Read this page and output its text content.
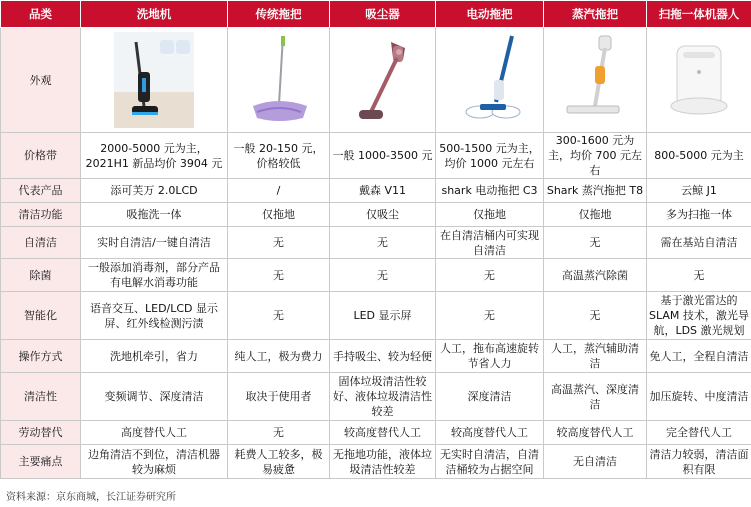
品类	洗地机	传统拖把	吸尘器	电动拖把	蒸汽拖把	扫拖一体机器人
外观	

价格带	2000-5000 元为主，2021H1 新品均价 3904 元	一般 20-150 元，价格较低	一般 1000-3500 元	500-1500 元为主，均价 1000 元左右	300-1600 元为主，均价 700 元左右	800-5000 元为主
代表产品	添可芙万 2.0LCD	/	戴森 V11	shark 电动拖把 C3	Shark 蒸汽拖把 T8	云鲸 J1
清洁功能	吸拖洗一体	仅拖地	仅吸尘	仅拖地	仅拖地	多为扫拖一体
自清洁	实时自清洁/一键自清洁	无	无	在自清洁桶内可实现自清洁	无	需在基站自清洁
除菌	一般添加消毒剂，部分产品有电解水消毒功能	无	无	无	高温蒸汽除菌	无
智能化	语音交互、LED/LCD 显示屏、红外线检测污渍	无	LED 显示屏	无	无	基于激光雷达的 SLAM 技术，激光导航，LDS 激光规划
操作方式	洗地机牵引，省力	纯人工，极为费力	手持吸尘、较为轻便	人工，拖布高速旋转节省人力	人工，蒸汽辅助清洁	免人工，全程自清洁
清洁性	变频调节、深度清洁	取决于使用者	固体垃圾清洁性较好、液体垃圾清洁性较差	深度清洁	高温蒸汽、深度清洁	加压旋转、中度清洁
劳动替代	高度替代人工	无	较高度替代人工	较高度替代人工	较高度替代人工	完全替代人工
主要痛点	边角清洁不到位，清洁机器较为麻烦	耗费人工较多，极易疲惫	无拖地功能，液体垃圾清洁性较差	无实时自清洁，自清洁桶较为占据空间	无自清洁	清洁力较弱，清洁面积有限
资料来源：京东商城，长江证券研究所
